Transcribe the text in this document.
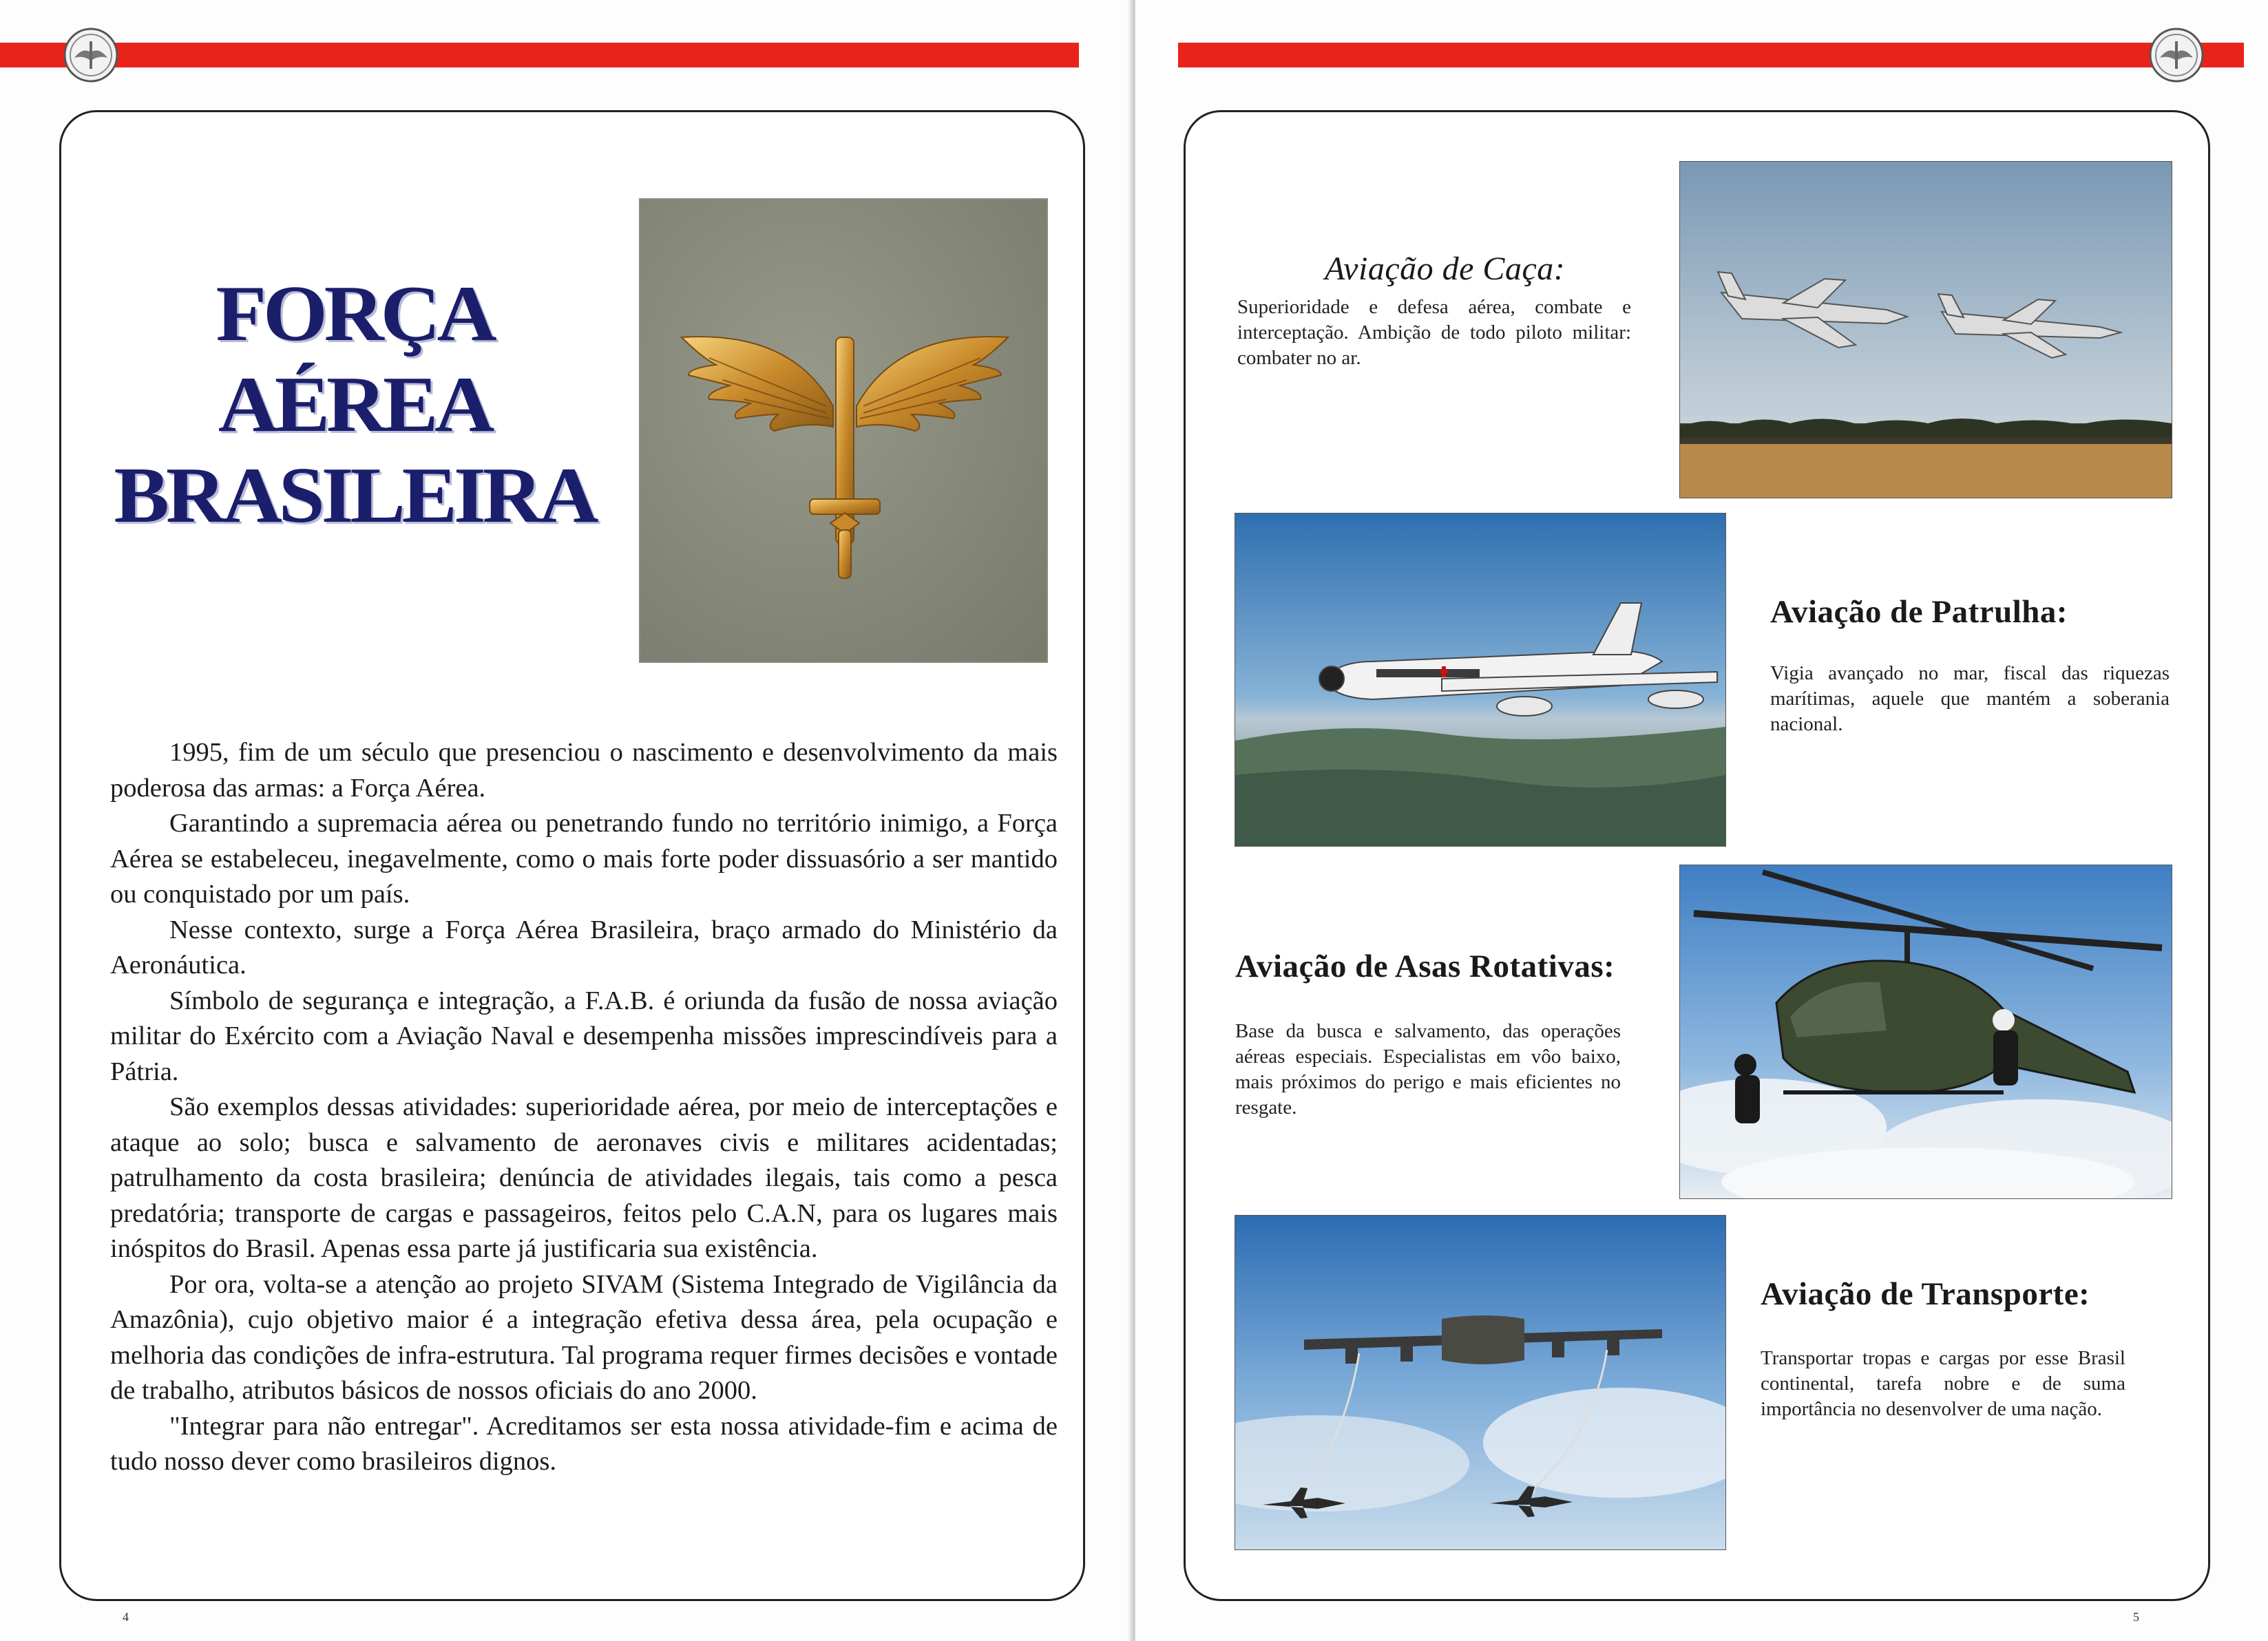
FORÇA
AÉREA
BRASILEIRA

1995, fim de um século que presenciou o nascimento e desenvolvimento da mais poderosa das armas: a Força Aérea.

Garantindo a supremacia aérea ou penetrando fundo no território inimigo, a Força Aérea se estabeleceu, inegavelmente, como o mais forte poder dissuasório a ser mantido ou conquistado por um país.

Nesse contexto, surge a Força Aérea Brasileira, braço armado do Ministério da Aeronáutica.

Símbolo de segurança e integração, a F.A.B. é oriunda da fusão de nossa aviação militar do Exército com a Aviação Naval e desempenha missões imprescindíveis para a Pátria.

São exemplos dessas atividades: superioridade aérea, por meio de interceptações e ataque ao solo; busca e salvamento de aeronaves civis e militares acidentadas; patrulhamento da costa brasileira; denúncia de atividades ilegais, tais como a pesca predatória; transporte de cargas e passageiros, feitos pelo C.A.N, para os lugares mais inóspitos do Brasil. Apenas essa parte já justificaria sua existência.

Por ora, volta-se a atenção ao projeto SIVAM (Sistema Integrado de Vigilância da Amazônia), cujo objetivo maior é a integração efetiva dessa área, pela ocupação e melhoria das condições de infra-estrutura. Tal programa requer firmes decisões e vontade de trabalho, atributos básicos de nossos oficiais do ano 2000.

"Integrar para não entregar". Acreditamos ser esta nossa atividade-fim e acima de tudo nosso dever como brasileiros dignos.

4
Aviação de Caça:
Superioridade e defesa aérea, combate e interceptação. Ambição de todo piloto militar: combater no ar.
Aviação de Patrulha:
Vigia avançado no mar, fiscal das riquezas marítimas, aquele que mantém a soberania nacional.
Aviação de Asas Rotativas:
Base da busca e salvamento, das operações aéreas especiais. Especialistas em vôo baixo, mais próximos do perigo e mais eficientes no resgate.
Aviação de Transporte:
Transportar tropas e cargas por esse Brasil continental, tarefa nobre e de suma importância no desenvolver de uma nação.
5
